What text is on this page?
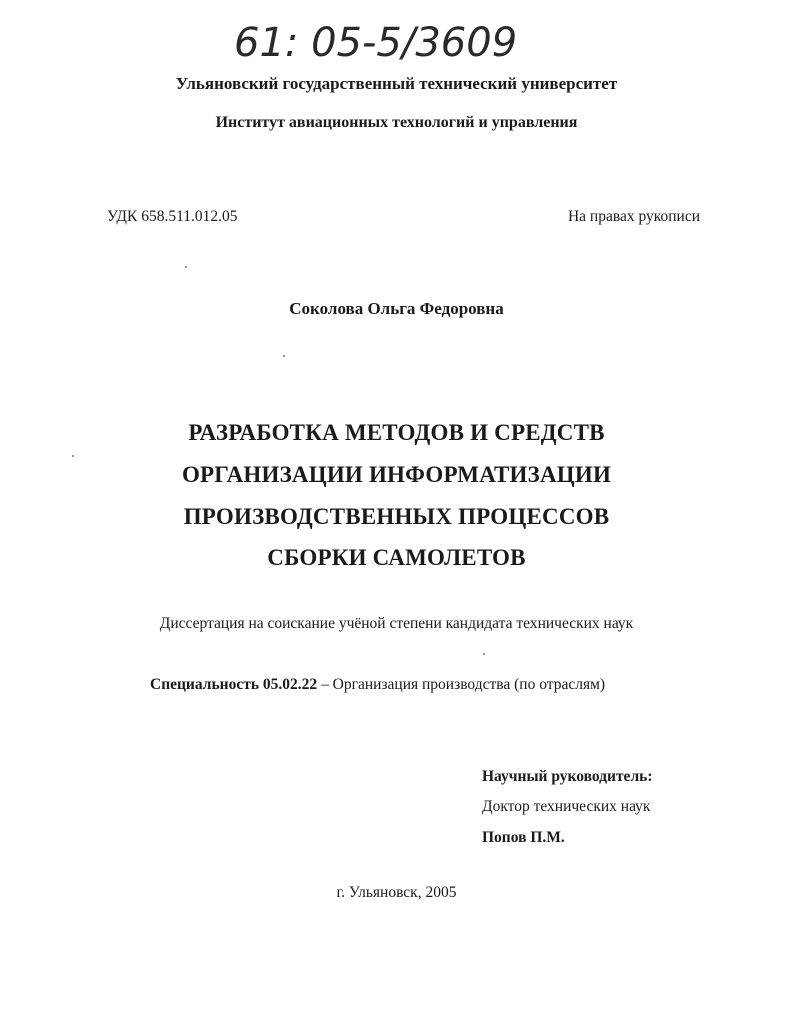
61: 05-5/3609
Ульяновский государственный технический университет
Институт авиационных технологий и управления
УДК 658.511.012.05	На правах рукописи
Соколова Ольга Федоровна
РАЗРАБОТКА МЕТОДОВ И СРЕДСТВ
ОРГАНИЗАЦИИ ИНФОРМАТИЗАЦИИ
ПРОИЗВОДСТВЕННЫХ ПРОЦЕССОВ
СБОРКИ САМОЛЕТОВ
Диссертация на соискание учёной степени кандидата технических наук
Специальность 05.02.22 – Организация производства (по отраслям)
Научный руководитель:
Доктор технических наук
Попов П.М.
г. Ульяновск, 2005
